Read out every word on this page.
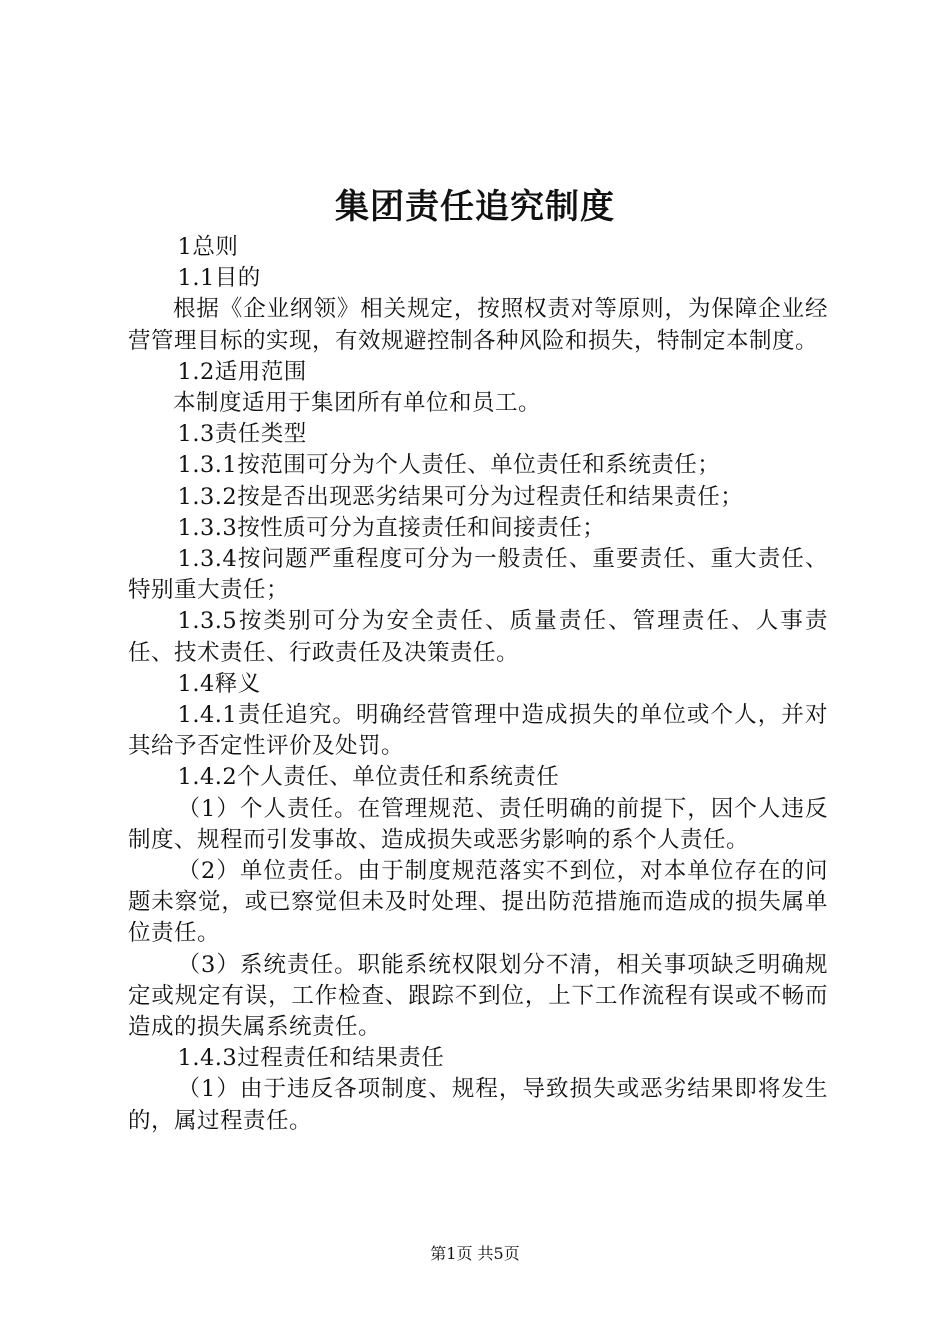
集团责任追究制度

1总则

1.1目的

根据《企业纲领》相关规定，按照权责对等原则，为保障企业经营管理目标的实现，有效规避控制各种风险和损失，特制定本制度。

1.2适用范围

本制度适用于集团所有单位和员工。

1.3责任类型

1.3.1按范围可分为个人责任、单位责任和系统责任；

1.3.2按是否出现恶劣结果可分为过程责任和结果责任；

1.3.3按性质可分为直接责任和间接责任；

1.3.4按问题严重程度可分为一般责任、重要责任、重大责任、特别重大责任；

1.3.5按类别可分为安全责任、质量责任、管理责任、人事责任、技术责任、行政责任及决策责任。

1.4释义

1.4.1责任追究。明确经营管理中造成损失的单位或个人，并对其给予否定性评价及处罚。

1.4.2个人责任、单位责任和系统责任

（1）个人责任。在管理规范、责任明确的前提下，因个人违反制度、规程而引发事故、造成损失或恶劣影响的系个人责任。

（2）单位责任。由于制度规范落实不到位，对本单位存在的问题未察觉，或已察觉但未及时处理、提出防范措施而造成的损失属单位责任。

（3）系统责任。职能系统权限划分不清，相关事项缺乏明确规定或规定有误，工作检查、跟踪不到位，上下工作流程有误或不畅而造成的损失属系统责任。

1.4.3过程责任和结果责任

（1）由于违反各项制度、规程，导致损失或恶劣结果即将发生的，属过程责任。

第1页 共5页
